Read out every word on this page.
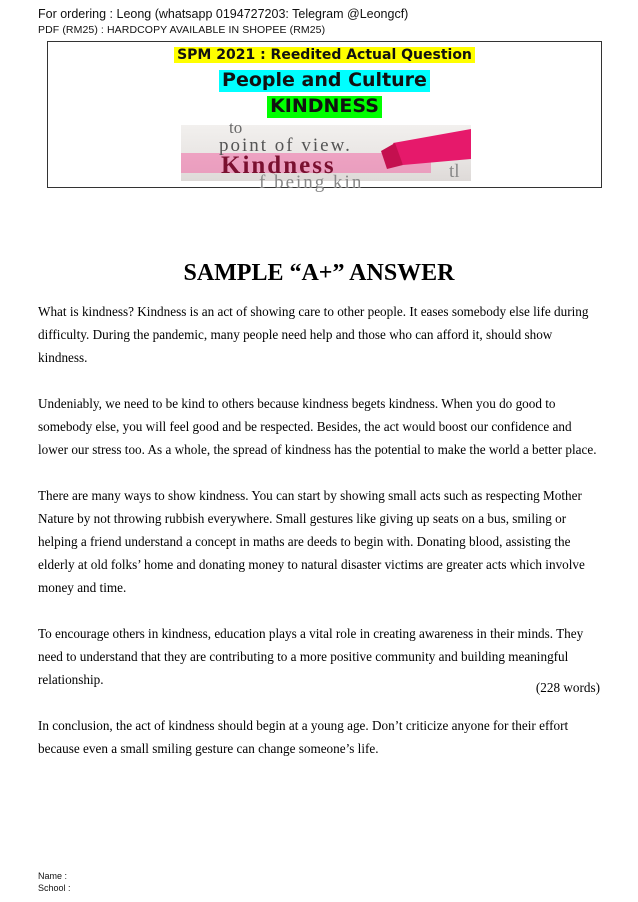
For ordering : Leong (whatsapp 0194727203: Telegram @Leongcf)
PDF (RM25) : HARDCOPY AVAILABLE IN SHOPEE (RM25)
SPM 2021 : Reedited Actual Question
People and Culture
KINDNESS
to
point of view.
Kindness
f being kin
tl
SAMPLE “A+” ANSWER

What is kindness? Kindness is an act of showing care to other people. It eases somebody else life during difficulty. During the pandemic, many people need help and those who can afford it, should show kindness.

Undeniably, we need to be kind to others because kindness begets kindness. When you do good to somebody else, you will feel good and be respected. Besides, the act would boost our confidence and lower our stress too. As a whole, the spread of kindness has the potential to make the world a better place.

There are many ways to show kindness. You can start by showing small acts such as respecting Mother Nature by not throwing rubbish everywhere. Small gestures like giving up seats on a bus, smiling or helping a friend understand a concept in maths are deeds to begin with. Donating blood, assisting the elderly at old folks’ home and donating money to natural disaster victims are greater acts which involve money and time.

To encourage others in kindness, education plays a vital role in creating awareness in their minds. They need to understand that they are contributing to a more positive community and building meaningful relationship.

In conclusion, the act of kindness should begin at a young age. Don’t criticize anyone for their effort because even a small smiling gesture can change someone’s life.

(228 words)
Name :
School :
